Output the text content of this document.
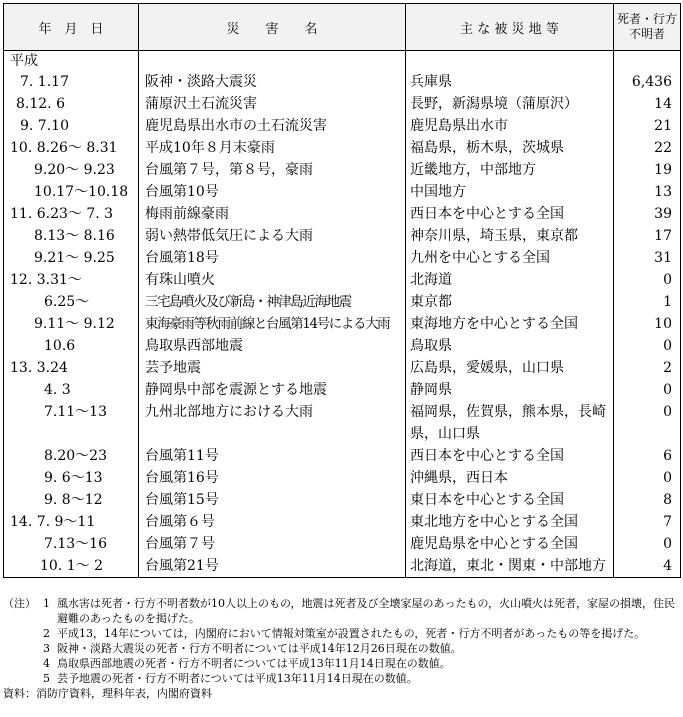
年　月　日	災　　害　　名	主 な 被 災 地 等	死者・行方不明者
平成			
7. 1.17	阪神・淡路大震災	兵庫県	6,436
8.12. 6	蒲原沢土石流災害	長野，新潟県境（蒲原沢）	14
9. 7.10	鹿児島県出水市の土石流災害	鹿児島県出水市	21
10. 8.26～ 8.31	平成10年８月末豪雨	福島県，栃木県，茨城県	22
9.20～ 9.23	台風第７号，第８号，豪雨	近畿地方，中部地方	19
10.17～10.18	台風第10号	中国地方	13
11. 6.23～ 7. 3	梅雨前線豪雨	西日本を中心とする全国	39
8.13～ 8.16	弱い熱帯低気圧による大雨	神奈川県，埼玉県，東京都	17
9.21～ 9.25	台風第18号	九州を中心とする全国	31
12. 3.31～	有珠山噴火	北海道	0
6.25～	三宅島噴火及び新島・神津島近海地震	東京都	1
9.11～ 9.12	東海豪雨等秋雨前線と台風第14号による大雨	東海地方を中心とする全国	10
10.6	鳥取県西部地震	鳥取県	0
13. 3.24	芸予地震	広島県，愛媛県，山口県	2
4. 3	静岡県中部を震源とする地震	静岡県	0
7.11～13	九州北部地方における大雨	福岡県，佐賀県，熊本県，長崎県，山口県	0
8.20～23	台風第11号	西日本を中心とする全国	6
9. 6～13	台風第16号	沖縄県，西日本	0
9. 8～12	台風第15号	東日本を中心とする全国	8
14. 7. 9～11	台風第６号	東北地方を中心とする全国	7
7.13～16	台風第７号	鹿児島県を中心とする全国	0
10. 1～ 2	台風第21号	北海道，東北・関東・中部地方	4
（注） 1 風水害は死者・行方不明者数が10人以上のもの，地震は死者及び全壊家屋のあったもの，火山噴火は死者，家屋の損壊，住民避難のあったものを掲げた。
2 平成13，14年については，内閣府において情報対策室が設置されたもの，死者・行方不明者があったもの等を掲げた。
3 阪神・淡路大震災の死者・行方不明者については平成14年12月26日現在の数値。
4 鳥取県西部地震の死者・行方不明者については平成13年11月14日現在の数値。
5 芸予地震の死者・行方不明者については平成13年11月14日現在の数値。
資料：消防庁資料，理科年表，内閣府資料
